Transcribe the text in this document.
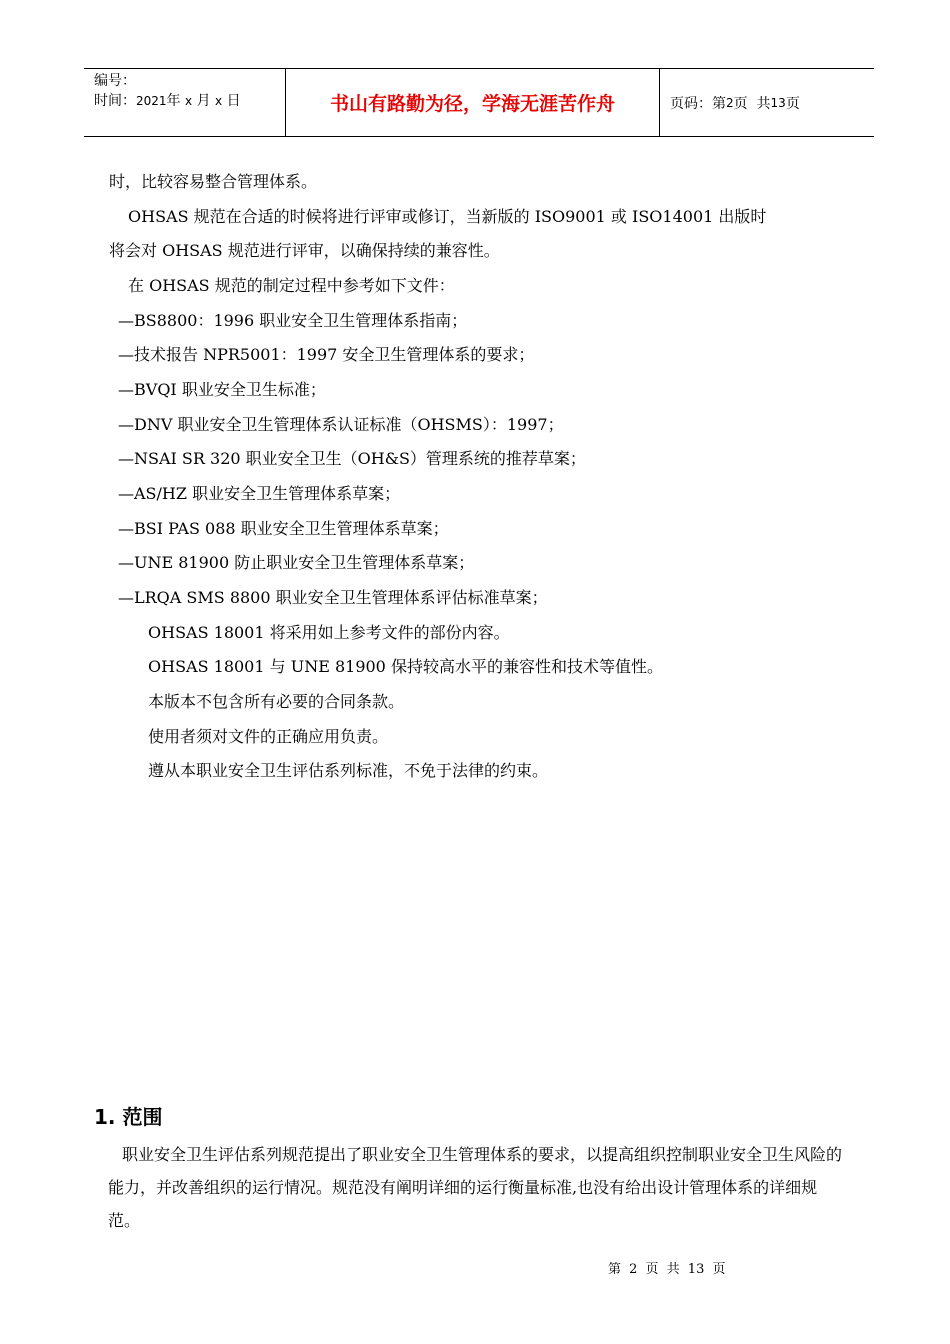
编号：
时间：2021年 x 月 x 日	书山有路勤为径，学海无涯苦作舟	页码：第 2 页
共 13 页
时，比较容易整合管理体系。
OHSAS 规范在合适的时候将进行评审或修订，当新版的 ISO9001 或 ISO14001 出版时
将会对 OHSAS 规范进行评审，以确保持续的兼容性。
在 OHSAS 规范的制定过程中参考如下文件：
—BS8800：1996 职业安全卫生管理体系指南；
—技术报告 NPR5001：1997 安全卫生管理体系的要求；
—BVQI 职业安全卫生标准；
—DNV 职业安全卫生管理体系认证标准（OHSMS）：1997；
—NSAI SR 320 职业安全卫生（OH&S）管理系统的推荐草案；
—AS/HZ 职业安全卫生管理体系草案；
—BSI PAS 088 职业安全卫生管理体系草案；
—UNE 81900 防止职业安全卫生管理体系草案；
—LRQA SMS 8800 职业安全卫生管理体系评估标准草案；
OHSAS 18001 将采用如上参考文件的部份内容。
OHSAS 18001 与 UNE 81900 保持较高水平的兼容性和技术等值性。
本版本不包含所有必要的合同条款。
使用者须对文件的正确应用负责。
遵从本职业安全卫生评估系列标准，不免于法律的约束。
1. 范围
职业安全卫生评估系列规范提出了职业安全卫生管理体系的要求，以提高组织控制职业安全卫生风险的能力，并改善组织的运行情况。规范没有阐明详细的运行衡量标准,也没有给出设计管理体系的详细规范。
第 2 页 共 13 页
